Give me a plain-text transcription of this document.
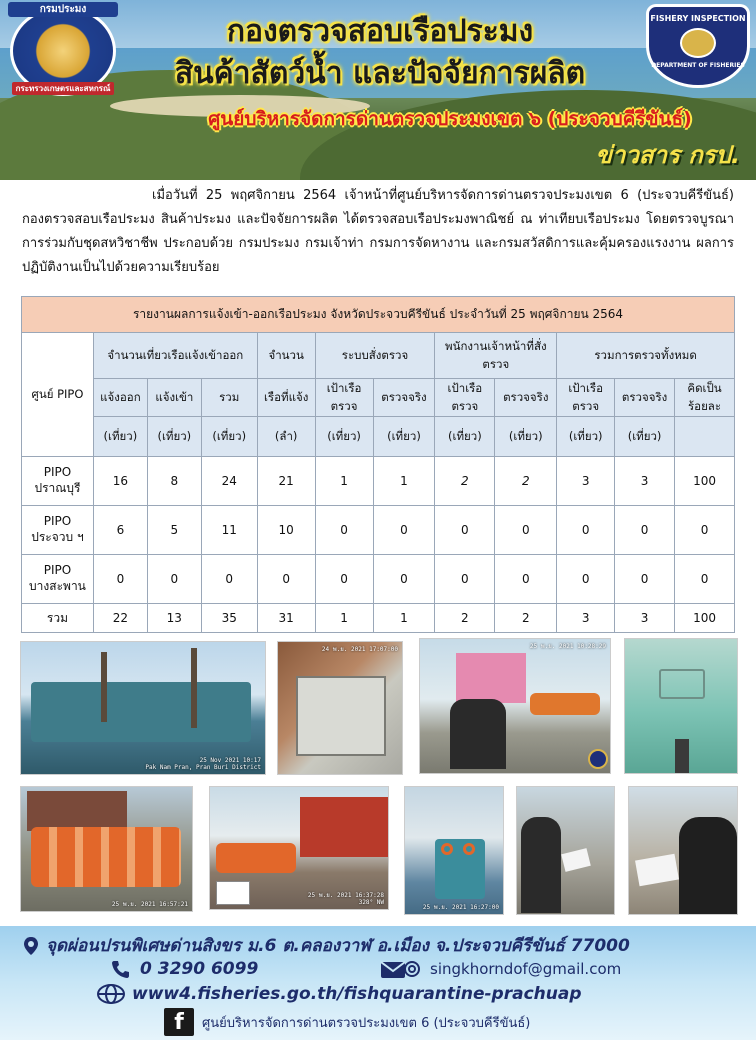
กรมประมง
กระทรวงเกษตรและสหกรณ์
FISHERY INSPECTION
DEPARTMENT OF FISHERIES
กองตรวจสอบเรือประมง
สินค้าสัตว์น้ำ และปัจจัยการผลิต
ศูนย์บริหารจัดการด่านตรวจประมงเขต ๖ (ประจวบคีรีขันธ์)
ข่าวสาร กรป.

เมื่อวันที่ 25 พฤศจิกายน 2564 เจ้าหน้าที่ศูนย์บริหารจัดการด่านตรวจประมงเขต 6 (ประจวบคีรีขันธ์) กองตรวจสอบเรือประมง สินค้าประมง และปัจจัยการผลิต ได้ตรวจสอบเรือประมงพาณิชย์ ณ ท่าเทียบเรือประมง โดยตรวจบูรณาการร่วมกับชุดสหวิชาชีพ ประกอบด้วย กรมประมง กรมเจ้าท่า กรมการจัดหางาน และกรมสวัสดิการและคุ้มครองแรงงาน ผลการปฏิบัติงานเป็นไปด้วยความเรียบร้อย

รายงานผลการแจ้งเข้า-ออกเรือประมง จังหวัดประจวบคีรีขันธ์ ประจำวันที่ 25 พฤศจิกายน 2564											
ศูนย์ PIPO	จำนวนเที่ยวเรือแจ้งเข้าออก			จำนวน	ระบบสั่งตรวจ		พนักงานเจ้าหน้าที่สั่งตรวจ		รวมการตรวจทั้งหมด		
	แจ้งออก	แจ้งเข้า	รวม	เรือที่แจ้ง	เป้าเรือตรวจ	ตรวจจริง	เป้าเรือตรวจ	ตรวจจริง	เป้าเรือตรวจ	ตรวจจริง	คิดเป็น
ร้อยละ
	(เที่ยว)	(เที่ยว)	(เที่ยว)	(ลำ)	(เที่ยว)	(เที่ยว)	(เที่ยว)	(เที่ยว)	(เที่ยว)	(เที่ยว)	
PIPO
ปราณบุรี	16	8	24	21	1	1	2	2	3	3	100
PIPO
ประจวบ ฯ	6	5	11	10	0	0	0	0	0	0	0
PIPO
บางสะพาน	0	0	0	0	0	0	0	0	0	0	0
รวม	22	13	35	31	1	1	2	2	3	3	100
25 Nov 2021 10:17
Pak Nam Pran, Pran Buri District
24 พ.ย. 2021 17:07:00	25 พ.ย. 2021 10:28:29
25 พ.ย. 2021 16:57:21
25 พ.ย. 2021 16:37:28
328° NW
25 พ.ย. 2021 16:27:00
จุดผ่อนปรนพิเศษด่านสิงขร ม.6 ต.คลองวาฬ อ.เมือง จ.ประจวบคีรีขันธ์ 77000
0 3290 6099	singkhorndof@gmail.com
www4.fisheries.go.th/fishquarantine-prachuap
f	ศูนย์บริหารจัดการด่านตรวจประมงเขต 6 (ประจวบคีรีขันธ์)
